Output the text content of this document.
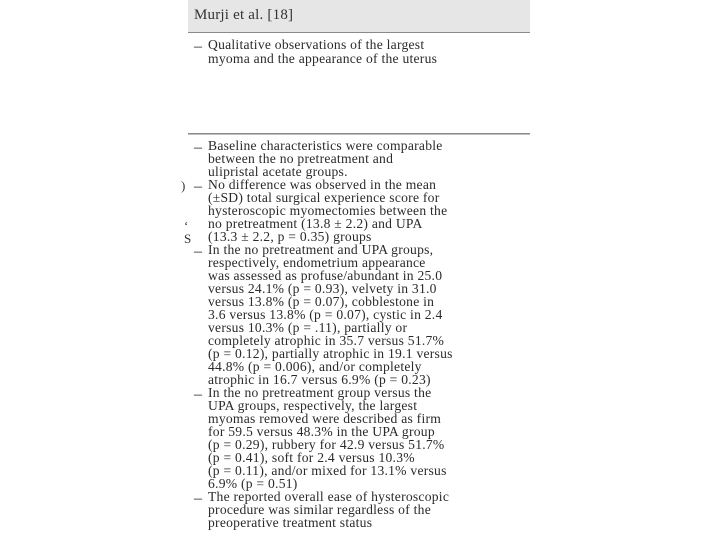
Murji et al. [18]
– Qualitative observations of the largest
myoma and the appearance of the uterus
– Baseline characteristics were comparable
between the no pretreatment and
ulipristal acetate groups.
– No difference was observed in the mean
(±SD) total surgical experience score for
hysteroscopic myomectomies between the
no pretreatment (13.8 ± 2.2) and UPA
(13.3 ± 2.2, p = 0.35) groups
– In the no pretreatment and UPA groups,
respectively, endometrium appearance
was assessed as profuse/abundant in 25.0
versus 24.1% (p = 0.93), velvety in 31.0
versus 13.8% (p = 0.07), cobblestone in
3.6 versus 13.8% (p = 0.07), cystic in 2.4
versus 10.3% (p = .11), partially or
completely atrophic in 35.7 versus 51.7%
(p = 0.12), partially atrophic in 19.1 versus
44.8% (p = 0.006), and/or completely
atrophic in 16.7 versus 6.9% (p = 0.23)
– In the no pretreatment group versus the
UPA groups, respectively, the largest
myomas removed were described as firm
for 59.5 versus 48.3% in the UPA group
(p = 0.29), rubbery for 42.9 versus 51.7%
(p = 0.41), soft for 2.4 versus 10.3%
(p = 0.11), and/or mixed for 13.1% versus
6.9% (p = 0.51)
– The reported overall ease of hysteroscopic
procedure was similar regardless of the
preoperative treatment status
)
‘
S
